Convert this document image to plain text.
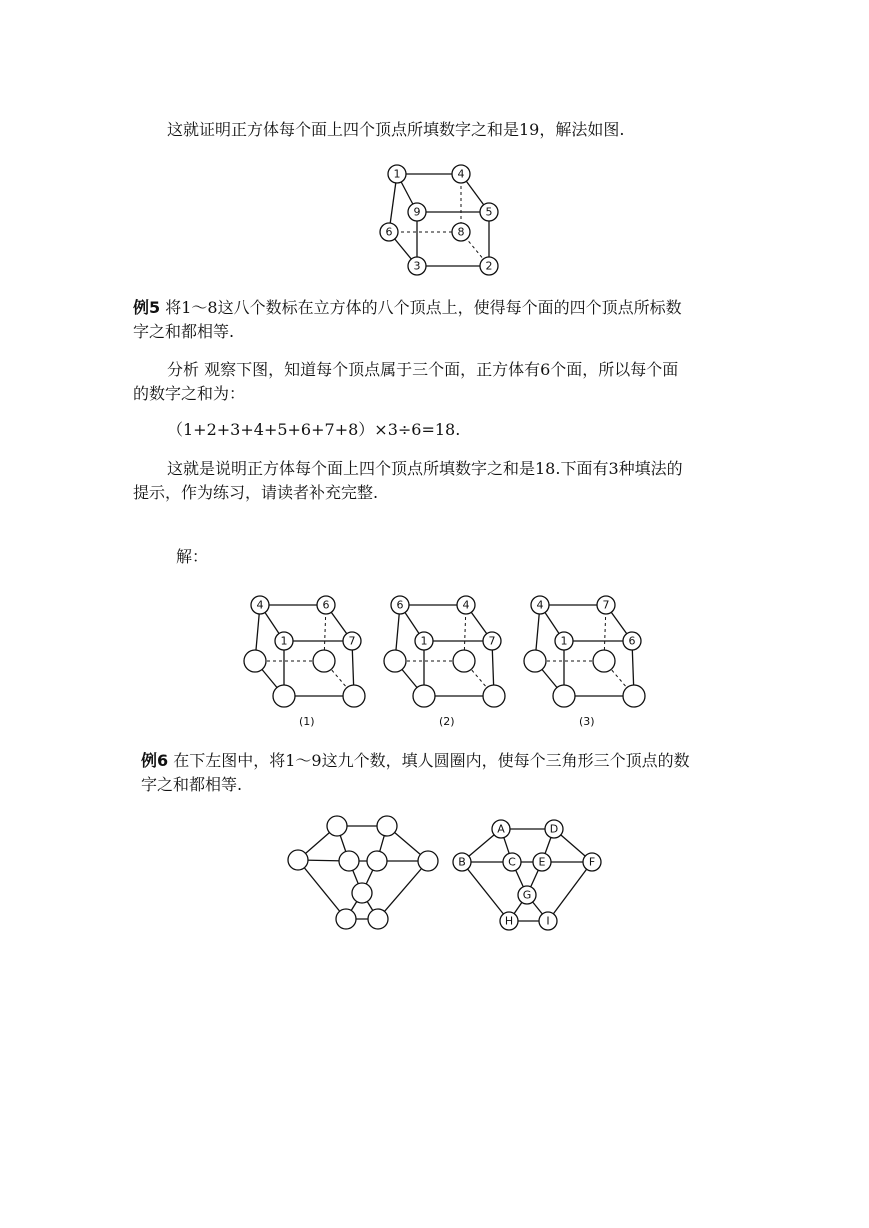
这就证明正方体每个面上四个顶点所填数字之和是19，解法如图.
1	4
9	5
6	8
3	2
例5 将1～8这八个数标在立方体的八个顶点上，使得每个面的四个顶点所标数
字之和都相等.
分析 观察下图，知道每个顶点属于三个面，正方体有6个面，所以每个面
的数字之和为：
（1+2+3+4+5+6+7+8）×3÷6=18.
这就是说明正方体每个面上四个顶点所填数字之和是18.下面有3种填法的
提示，作为练习，请读者补充完整.
解：
4	6
1	7
6	4
1	7
4	7
1	6
(1)	(2)	(3)
例6 在下左图中，将1～9这九个数，填人圆圈内，使每个三角形三个顶点的数
字之和都相等.
A	D
B	C E	F
G
H	I
